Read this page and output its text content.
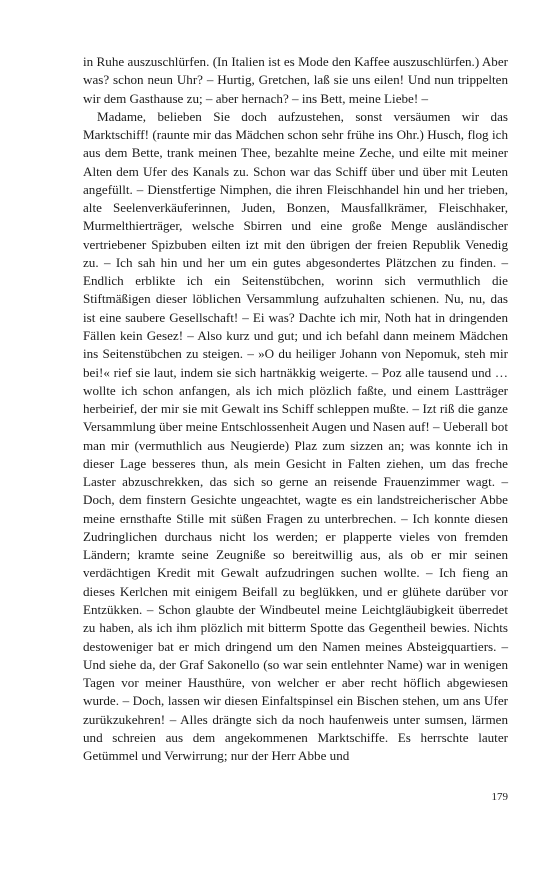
in Ruhe auszuschlürfen. (In Italien ist es Mode den Kaffee auszuschlürfen.) Aber was? schon neun Uhr? – Hurtig, Gretchen, laß sie uns eilen! Und nun trippelten wir dem Gasthause zu; – aber hernach? – ins Bett, meine Liebe! –

Madame, belieben Sie doch aufzustehen, sonst versäumen wir das Marktschiff! (raunte mir das Mädchen schon sehr frühe ins Ohr.) Husch, flog ich aus dem Bette, trank meinen Thee, bezahlte meine Zeche, und eilte mit meiner Alten dem Ufer des Kanals zu. Schon war das Schiff über und über mit Leuten angefüllt. – Dienstfertige Nimphen, die ihren Fleischhandel hin und her trieben, alte Seelenverkäuferinnen, Juden, Bonzen, Mausfallkrämer, Fleischhaker, Murmelthierträger, welsche Sbirren und eine große Menge ausländischer vertriebener Spizbuben eilten izt mit den übrigen der freien Republik Venedig zu. – Ich sah hin und her um ein gutes abgesondertes Plätzchen zu finden. – Endlich erblikte ich ein Seitenstübchen, worinn sich vermuthlich die Stiftmäßigen dieser löblichen Versammlung aufzuhalten schienen. Nu, nu, das ist eine saubere Gesellschaft! – Ei was? Dachte ich mir, Noth hat in dringenden Fällen kein Gesez! – Also kurz und gut; und ich befahl dann meinem Mädchen ins Seitenstübchen zu steigen. – »O du heiliger Johann von Nepomuk, steh mir bei!« rief sie laut, indem sie sich hartnäkkig weigerte. – Poz alle tausend und … wollte ich schon anfangen, als ich mich plözlich faßte, und einem Lastträger herbeirief, der mir sie mit Gewalt ins Schiff schleppen mußte. – Izt riß die ganze Versammlung über meine Entschlossenheit Augen und Nasen auf! – Ueberall bot man mir (vermuthlich aus Neugierde) Plaz zum sizzen an; was konnte ich in dieser Lage besseres thun, als mein Gesicht in Falten ziehen, um das freche Laster abzuschrekken, das sich so gerne an reisende Frauenzimmer wagt. – Doch, dem finstern Gesichte ungeachtet, wagte es ein landstreicherischer Abbe meine ernsthafte Stille mit süßen Fragen zu unterbrechen. – Ich konnte diesen Zudringlichen durchaus nicht los werden; er plapperte vieles von fremden Ländern; kramte seine Zeugniße so bereitwillig aus, als ob er mir seinen verdächtigen Kredit mit Gewalt aufzudringen suchen wollte. – Ich fieng an dieses Kerlchen mit einigem Beifall zu beglükken, und er glühete darüber vor Entzükken. – Schon glaubte der Windbeutel meine Leichtgläubigkeit überredet zu haben, als ich ihm plözlich mit bitterm Spotte das Gegentheil bewies. Nichts destoweniger bat er mich dringend um den Namen meines Absteigquartiers. – Und siehe da, der Graf Sakonello (so war sein entlehnter Name) war in wenigen Tagen vor meiner Hausthüre, von welcher er aber recht höflich abgewiesen wurde. – Doch, lassen wir diesen Einfaltspinsel ein Bischen stehen, um ans Ufer zurükzukehren! – Alles drängte sich da noch haufenweis unter sumsen, lärmen und schreien aus dem angekommenen Marktschiffe. Es herrschte lauter Getümmel und Verwirrung; nur der Herr Abbe und

179
